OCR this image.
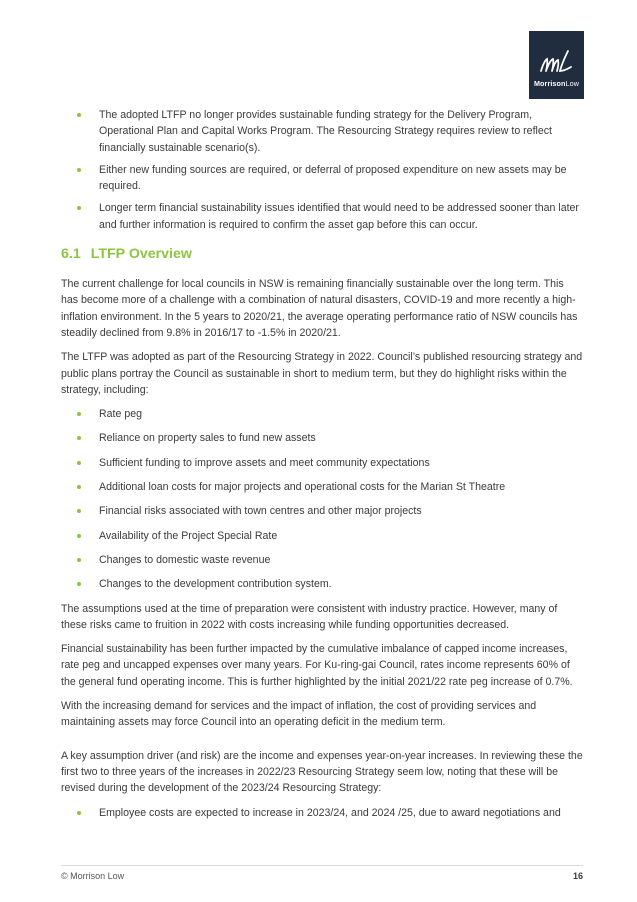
MorrisonLow
The adopted LTFP no longer provides sustainable funding strategy for the Delivery Program, Operational Plan and Capital Works Program. The Resourcing Strategy requires review to reflect financially sustainable scenario(s).
Either new funding sources are required, or deferral of proposed expenditure on new assets may be required.
Longer term financial sustainability issues identified that would need to be addressed sooner than later and further information is required to confirm the asset gap before this can occur.
6.1 LTFP Overview

The current challenge for local councils in NSW is remaining financially sustainable over the long term. This has become more of a challenge with a combination of natural disasters, COVID-19 and more recently a high-inflation environment. In the 5 years to 2020/21, the average operating performance ratio of NSW councils has steadily declined from 9.8% in 2016/17 to -1.5% in 2020/21.

The LTFP was adopted as part of the Resourcing Strategy in 2022. Council’s published resourcing strategy and public plans portray the Council as sustainable in short to medium term, but they do highlight risks within the strategy, including:

Rate peg
Reliance on property sales to fund new assets
Sufficient funding to improve assets and meet community expectations
Additional loan costs for major projects and operational costs for the Marian St Theatre
Financial risks associated with town centres and other major projects
Availability of the Project Special Rate
Changes to domestic waste revenue
Changes to the development contribution system.

The assumptions used at the time of preparation were consistent with industry practice. However, many of these risks came to fruition in 2022 with costs increasing while funding opportunities decreased.

Financial sustainability has been further impacted by the cumulative imbalance of capped income increases, rate peg and uncapped expenses over many years. For Ku-ring-gai Council, rates income represents 60% of the general fund operating income. This is further highlighted by the initial 2021/22 rate peg increase of 0.7%.

With the increasing demand for services and the impact of inflation, the cost of providing services and maintaining assets may force Council into an operating deficit in the medium term.

A key assumption driver (and risk) are the income and expenses year-on-year increases. In reviewing these the first two to three years of the increases in 2022/23 Resourcing Strategy seem low, noting that these will be revised during the development of the 2023/24 Resourcing Strategy:

Employee costs are expected to increase in 2023/24, and 2024 /25, due to award negotiations and
© Morrison Low	16
